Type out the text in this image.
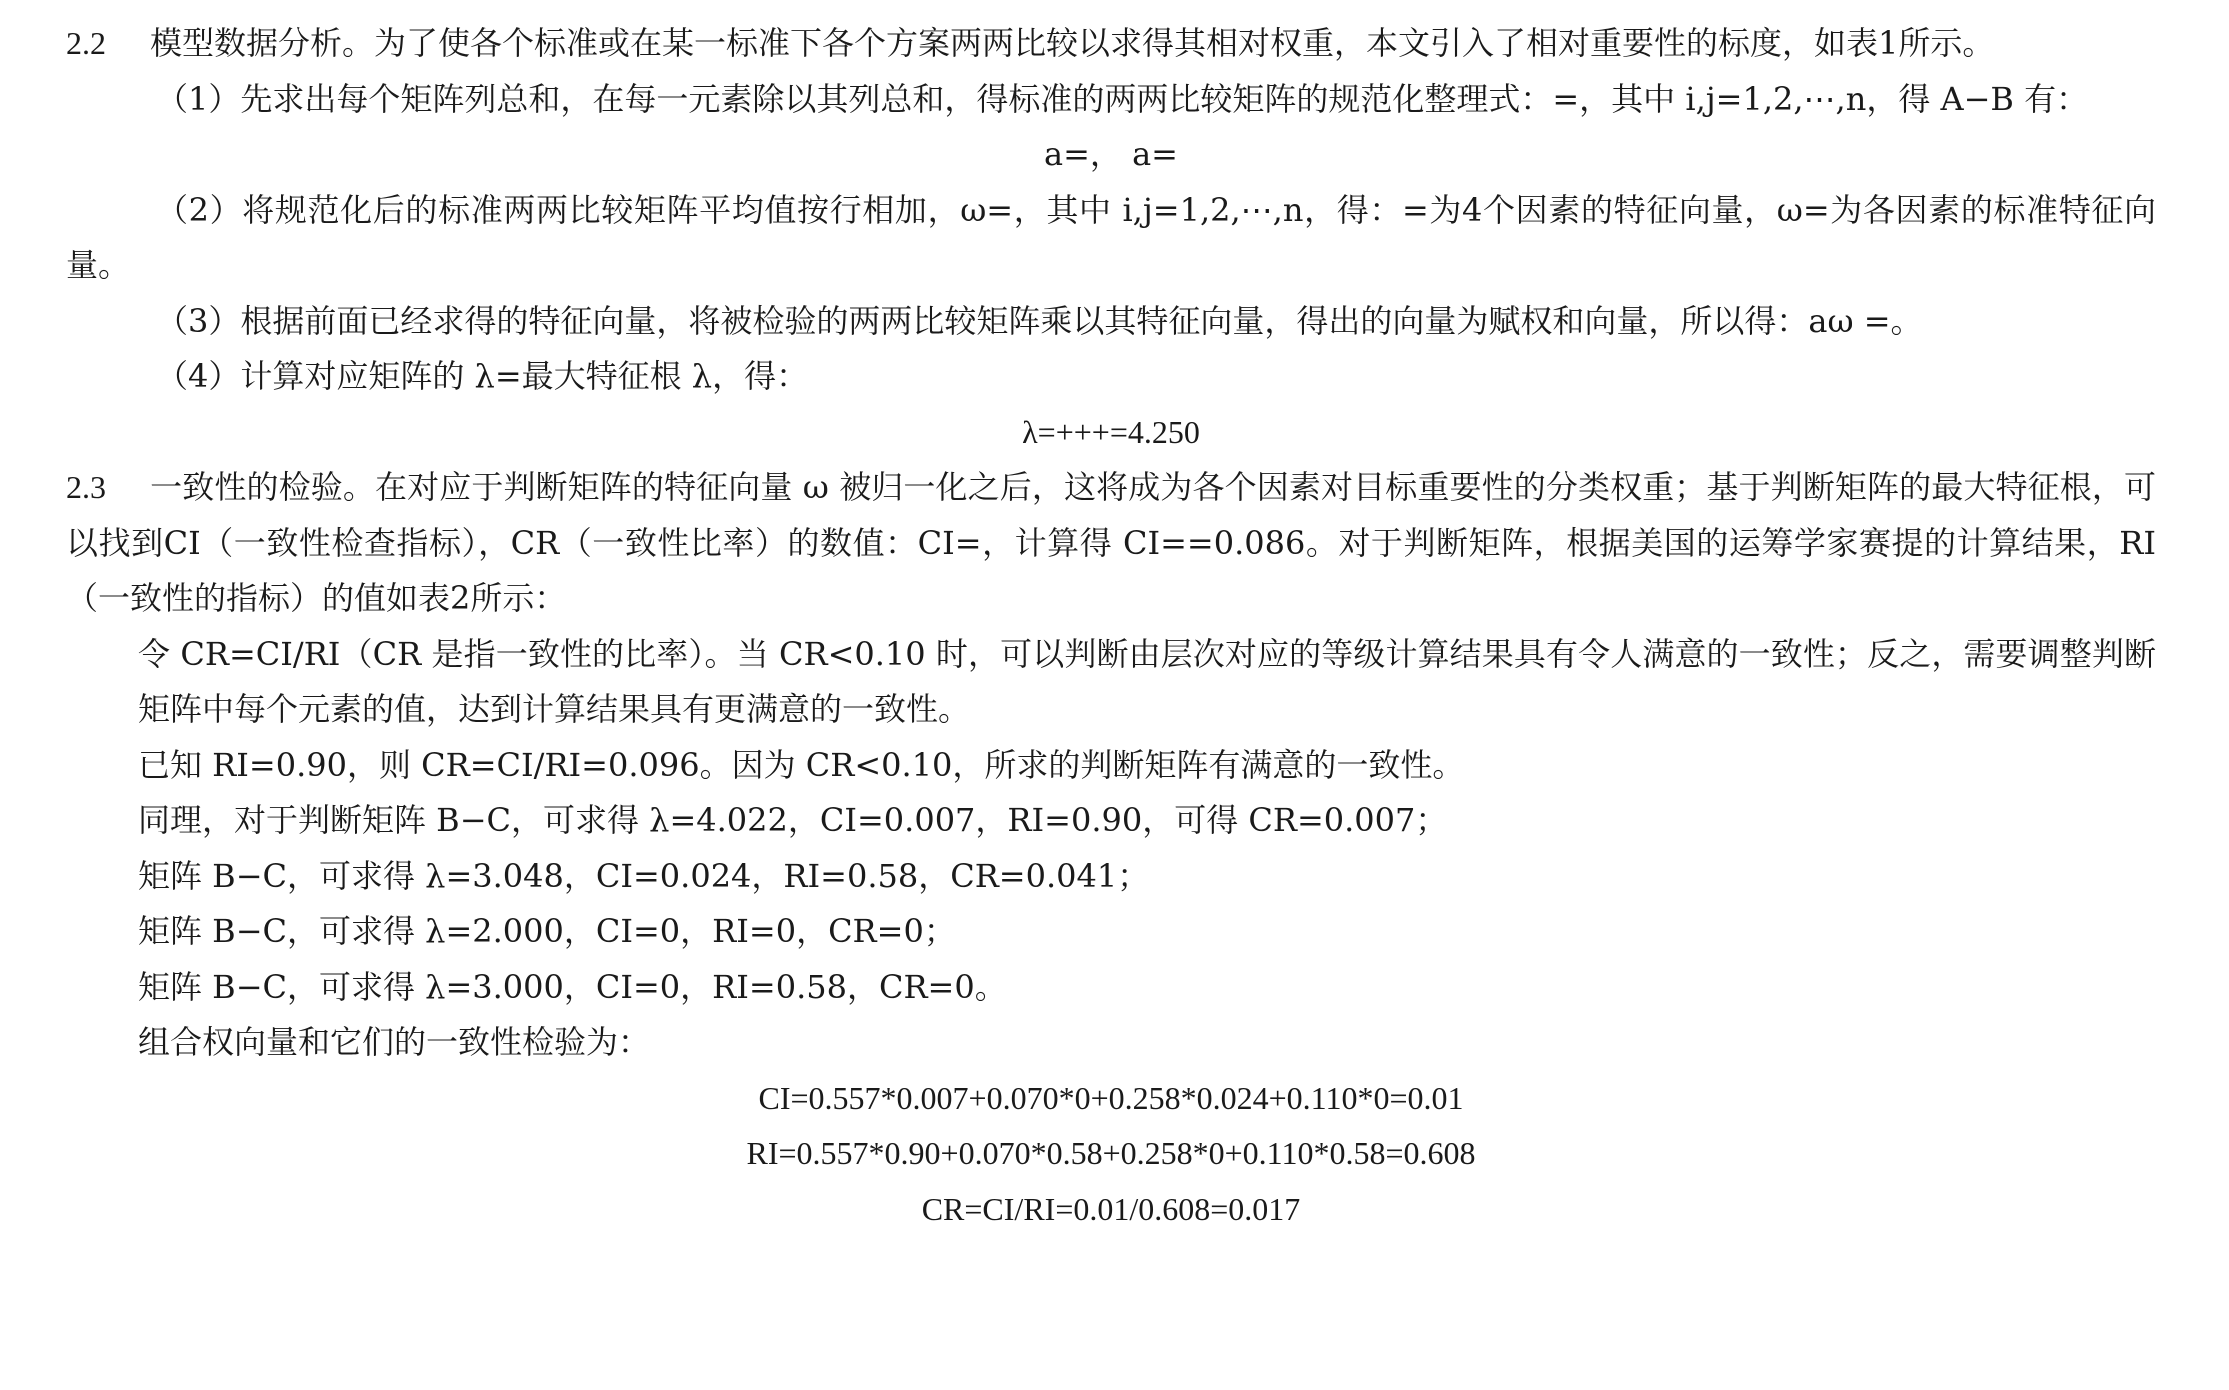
2.2 模型数据分析。为了使各个标准或在某一标准下各个方案两两比较以求得其相对权重，本文引入了相对重要性的标度，如表1所示。

（1）先求出每个矩阵列总和，在每一元素除以其列总和，得标准的两两比较矩阵的规范化整理式：=，其中 i,j=1,2,⋯,n，得 A−B 有：

a=， a=

（2）将规范化后的标准两两比较矩阵平均值按行相加，ω=，其中 i,j=1,2,⋯,n，得：=为4个因素的特征向量，ω=为各因素的标准特征向量。

（3）根据前面已经求得的特征向量，将被检验的两两比较矩阵乘以其特征向量，得出的向量为赋权和向量，所以得：aω =。

（4）计算对应矩阵的 λ=最大特征根 λ，得：

λ=+++=4.250

2.3 一致性的检验。在对应于判断矩阵的特征向量 ω 被归一化之后，这将成为各个因素对目标重要性的分类权重；基于判断矩阵的最大特征根，可以找到CI（一致性检查指标），CR（一致性比率）的数值：CI=，计算得 CI==0.086。对于判断矩阵，根据美国的运筹学家赛提的计算结果，RI （一致性的指标）的值如表2所示：

令 CR=CI/RI（CR 是指一致性的比率）。当 CR<0.10 时，可以判断由层次对应的等级计算结果具有令人满意的一致性；反之，需要调整判断矩阵中每个元素的值，达到计算结果具有更满意的一致性。

已知 RI=0.90，则 CR=CI/RI=0.096。因为 CR<0.10，所求的判断矩阵有满意的一致性。

同理，对于判断矩阵 B−C，可求得 λ=4.022，CI=0.007，RI=0.90，可得 CR=0.007；

矩阵 B−C，可求得 λ=3.048，CI=0.024，RI=0.58，CR=0.041；

矩阵 B−C，可求得 λ=2.000，CI=0，RI=0，CR=0；

矩阵 B−C，可求得 λ=3.000，CI=0，RI=0.58，CR=0。

组合权向量和它们的一致性检验为：

CI=0.557*0.007+0.070*0+0.258*0.024+0.110*0=0.01

RI=0.557*0.90+0.070*0.58+0.258*0+0.110*0.58=0.608

CR=CI/RI=0.01/0.608=0.017
